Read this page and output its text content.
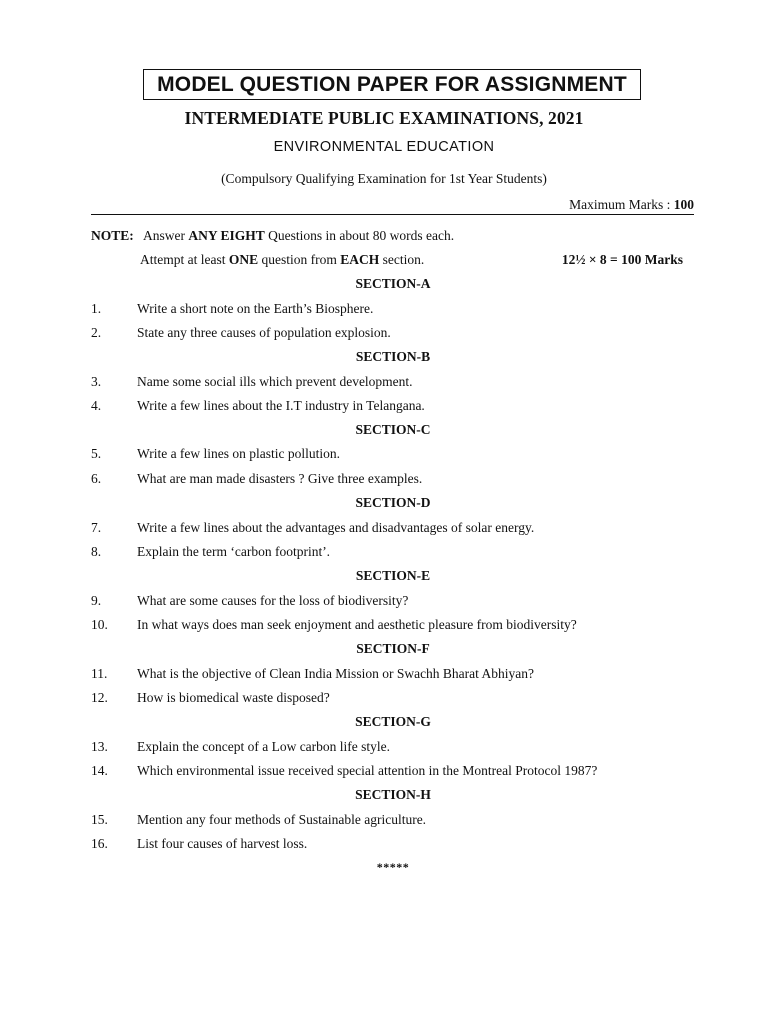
MODEL QUESTION PAPER FOR ASSIGNMENT
INTERMEDIATE PUBLIC EXAMINATIONS, 2021
ENVIRONMENTAL EDUCATION
(Compulsory Qualifying Examination for 1st Year Students)
Maximum Marks : 100
NOTE: Answer ANY EIGHT Questions in about 80 words each.
Attempt at least ONE question from EACH section.	12½ × 8 = 100 Marks
SECTION-A
1.	Write a short note on the Earth’s Biosphere.
2.	State any three causes of population explosion.
SECTION-B
3.	Name some social ills which prevent development.
4.	Write a few lines about the I.T industry in Telangana.
SECTION-C
5.	Write a few lines on plastic pollution.
6.	What are man made disasters ? Give three examples.
SECTION-D
7.	Write a few lines about the advantages and disadvantages of solar energy.
8.	Explain the term ‘carbon footprint’.
SECTION-E
9.	What are some causes for the loss of biodiversity?
10. In what ways does man seek enjoyment and aesthetic pleasure from biodiversity?
SECTION-F
11. What is the objective of Clean India Mission or Swachh Bharat Abhiyan?
12. How is biomedical waste disposed?
SECTION-G
13. Explain the concept of a Low carbon life style.
14. Which environmental issue received special attention in the Montreal Protocol 1987?
SECTION-H
15. Mention any four methods of Sustainable agriculture.
16. List four causes of harvest loss.
*****
